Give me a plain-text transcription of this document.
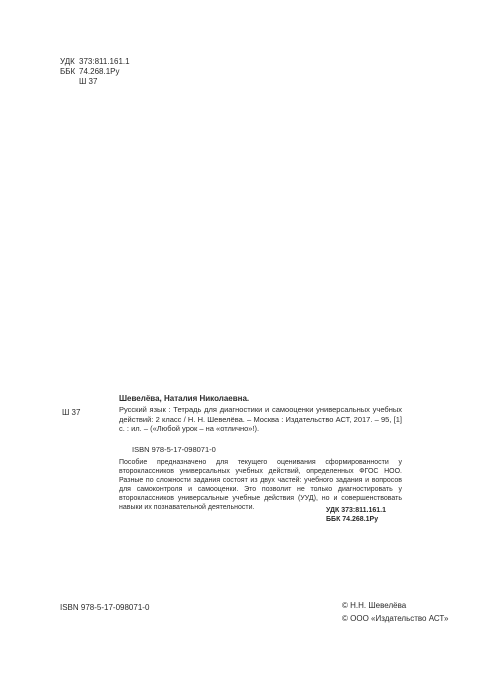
УДК 373:811.161.1
ББК 74.268.1Ру
Ш 37
Шевелёва, Наталия Николаевна.
Ш 37	Русский язык : Тетрадь для диагностики и самооценки универсальных учебных действий: 2 класс / Н. Н. Шевелёва. – Москва : Издательство АСТ, 2017. – 95, [1] с. : ил. – («Любой урок – на «отлично»!).
ISBN 978-5-17-098071-0
Пособие предназначено для текущего оценивания сформированности у второклассников универсальных учебных действий, определенных ФГОС НОО. Разные по сложности задания состоят из двух частей: учебного задания и вопросов для самоконтроля и самооценки. Это позволит не только диагностировать у второклассников универсальные учебные действия (УУД), но и совершенствовать навыки их познавательной деятельности.	УДК 373:811.161.1
ББК 74.268.1Ру
ISBN 978-5-17-098071-0	© Н.Н. Шевелёва
© ООО «Издательство АСТ»
